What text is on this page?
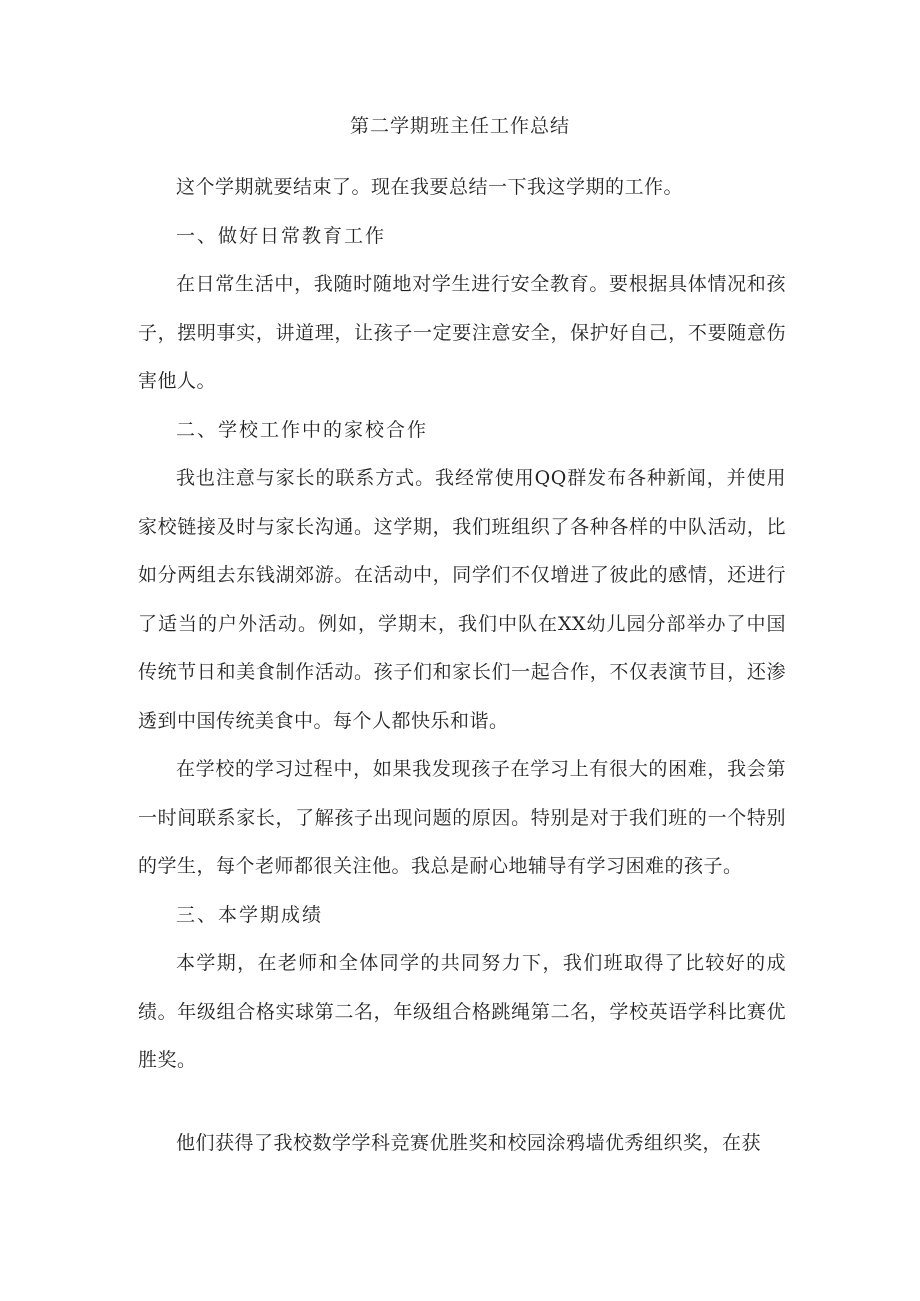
第二学期班主任工作总结

这个学期就要结束了。现在我要总结一下我这学期的工作。

一、做好日常教育工作

在日常生活中，我随时随地对学生进行安全教育。要根据具体情况和孩子，摆明事实，讲道理，让孩子一定要注意安全，保护好自己，不要随意伤害他人。

二、学校工作中的家校合作

我也注意与家长的联系方式。我经常使用QQ群发布各种新闻，并使用家校链接及时与家长沟通。这学期，我们班组织了各种各样的中队活动，比如分两组去东钱湖郊游。在活动中，同学们不仅增进了彼此的感情，还进行了适当的户外活动。例如，学期末，我们中队在XX幼儿园分部举办了中国传统节日和美食制作活动。孩子们和家长们一起合作，不仅表演节目，还渗透到中国传统美食中。每个人都快乐和谐。

在学校的学习过程中，如果我发现孩子在学习上有很大的困难，我会第一时间联系家长，了解孩子出现问题的原因。特别是对于我们班的一个特别的学生，每个老师都很关注他。我总是耐心地辅导有学习困难的孩子。

三、本学期成绩

本学期，在老师和全体同学的共同努力下，我们班取得了比较好的成绩。年级组合格实球第二名，年级组合格跳绳第二名，学校英语学科比赛优胜奖。

他们获得了我校数学学科竞赛优胜奖和校园涂鸦墙优秀组织奖，在获
